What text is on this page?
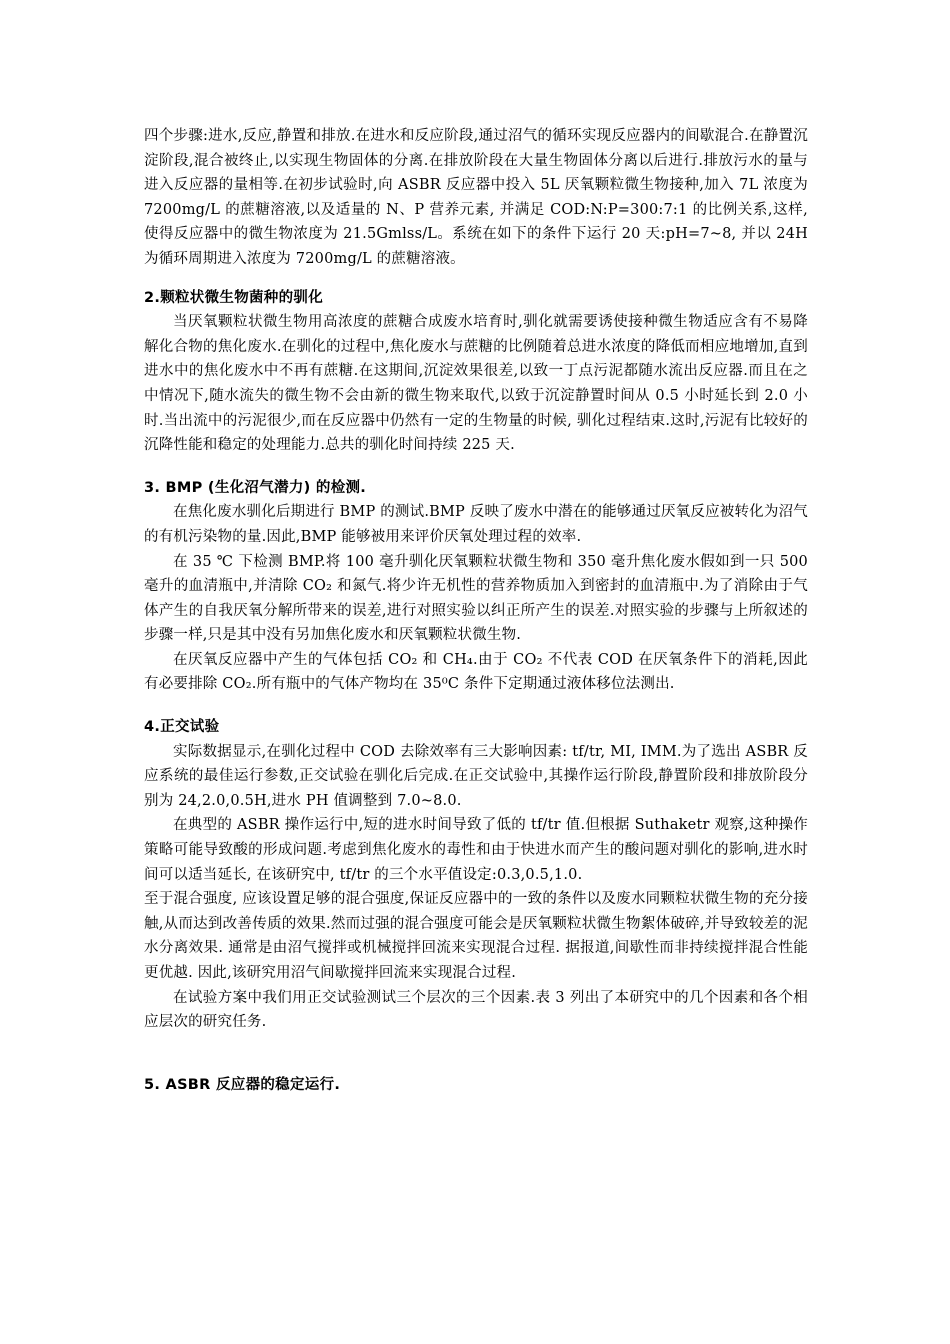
四个步骤:进水,反应,静置和排放.在进水和反应阶段,通过沼气的循环实现反应器内的间歇混合.在静置沉淀阶段,混合被终止,以实现生物固体的分离.在排放阶段在大量生物固体分离以后进行.排放污水的量与进入反应器的量相等.在初步试验时,向 ASBR 反应器中投入 5L 厌氧颗粒微生物接种,加入 7L 浓度为 7200mg/L 的蔗糖溶液,以及适量的 N、P 营养元素, 并满足 COD:N:P=300:7:1 的比例关系,这样,使得反应器中的微生物浓度为 21.5Gmlss/L。系统在如下的条件下运行 20 天:pH=7~8, 并以 24H 为循环周期进入浓度为 7200mg/L 的蔗糖溶液。

2.颗粒状微生物菌种的驯化

当厌氧颗粒状微生物用高浓度的蔗糖合成废水培育时,驯化就需要诱使接种微生物适应含有不易降解化合物的焦化废水.在驯化的过程中,焦化废水与蔗糖的比例随着总进水浓度的降低而相应地增加,直到进水中的焦化废水中不再有蔗糖.在这期间,沉淀效果很差,以致一丁点污泥都随水流出反应器.而且在之中情况下,随水流失的微生物不会由新的微生物来取代,以致于沉淀静置时间从 0.5 小时延长到 2.0 小时.当出流中的污泥很少,而在反应器中仍然有一定的生物量的时候, 驯化过程结束.这时,污泥有比较好的沉降性能和稳定的处理能力.总共的驯化时间持续 225 天.

3. BMP (生化沼气潜力) 的检测.

在焦化废水驯化后期进行 BMP 的测试.BMP 反映了废水中潜在的能够通过厌氧反应被转化为沼气的有机污染物的量.因此,BMP 能够被用来评价厌氧处理过程的效率.

在 35 ℃ 下检测 BMP.将 100 毫升驯化厌氧颗粒状微生物和 350 毫升焦化废水假如到一只 500 毫升的血清瓶中,并清除 CO₂ 和氮气.将少许无机性的营养物质加入到密封的血清瓶中.为了消除由于气体产生的自我厌氧分解所带来的误差,进行对照实验以纠正所产生的误差.对照实验的步骤与上所叙述的步骤一样,只是其中没有另加焦化废水和厌氧颗粒状微生物.

在厌氧反应器中产生的气体包括 CO₂ 和 CH₄.由于 CO₂ 不代表 COD 在厌氧条件下的消耗,因此有必要排除 CO₂.所有瓶中的气体产物均在 35⁰C 条件下定期通过液体移位法测出.

4.正交试验

实际数据显示,在驯化过程中 COD 去除效率有三大影响因素: tf/tr, MI, IMM.为了选出 ASBR 反应系统的最佳运行参数,正交试验在驯化后完成.在正交试验中,其操作运行阶段,静置阶段和排放阶段分别为 24,2.0,0.5H,进水 PH 值调整到 7.0~8.0.

在典型的 ASBR 操作运行中,短的进水时间导致了低的 tf/tr 值.但根据 Suthaketr 观察,这种操作策略可能导致酸的形成问题.考虑到焦化废水的毒性和由于快进水而产生的酸问题对驯化的影响,进水时间可以适当延长, 在该研究中, tf/tr 的三个水平值设定:0.3,0.5,1.0.

至于混合强度, 应该设置足够的混合强度,保证反应器中的一致的条件以及废水同颗粒状微生物的充分接触,从而达到改善传质的效果.然而过强的混合强度可能会是厌氧颗粒状微生物絮体破碎,并导致较差的泥水分离效果. 通常是由沼气搅拌或机械搅拌回流来实现混合过程. 据报道,间歇性而非持续搅拌混合性能更优越. 因此,该研究用沼气间歇搅拌回流来实现混合过程.

在试验方案中我们用正交试验测试三个层次的三个因素.表 3 列出了本研究中的几个因素和各个相应层次的研究任务.

5. ASBR 反应器的稳定运行.
